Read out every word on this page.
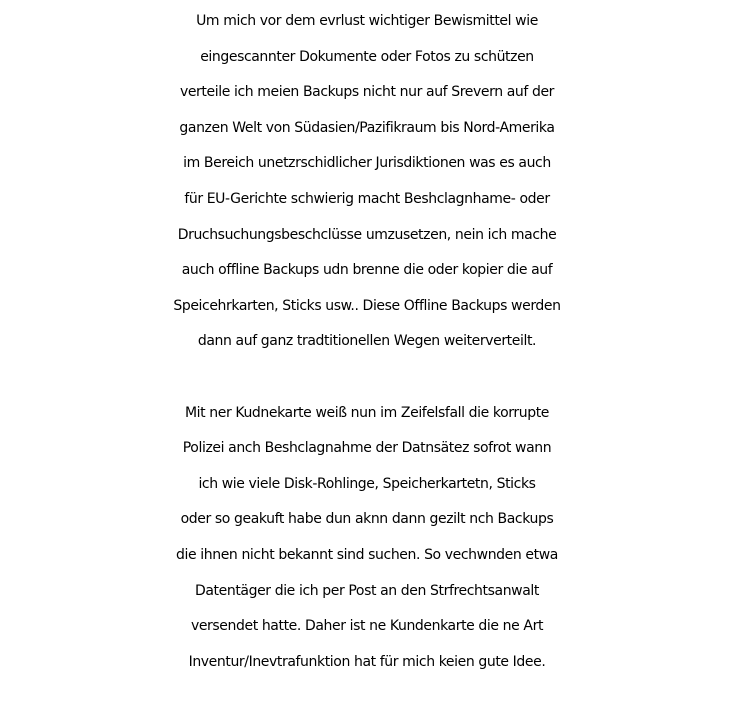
Um mich vor dem evrlust wichtiger Bewismittel wie
eingescannter Dokumente oder Fotos zu schützen
verteile ich meien Backups nicht nur auf Srevern auf der
ganzen Welt von Südasien/Pazifikraum bis Nord-Amerika
im Bereich unetzrschidlicher Jurisdiktionen was es auch
für EU-Gerichte schwierig macht Beshclagnhame- oder
Druchsuchungsbeschclüsse umzusetzen, nein ich mache
auch offline Backups udn brenne die oder kopier die auf
Speicehrkarten, Sticks usw.. Diese Offline Backups werden
dann auf ganz tradtitionellen Wegen weiterverteilt.

Mit ner Kudnekarte weiß nun im Zeifelsfall die korrupte
Polizei anch Beshclagnahme der Datnsätez sofrot wann
ich wie viele Disk-Rohlinge, Speicherkartetn, Sticks
oder so geakuft habe dun aknn dann gezilt nch Backups
die ihnen nicht bekannt sind suchen. So vechwnden etwa
Datentäger die ich per Post an den Strfrechtsanwalt
versendet hatte. Daher ist ne Kundenkarte die ne Art
Inventur/Inevtrafunktion hat für mich keien gute Idee.
